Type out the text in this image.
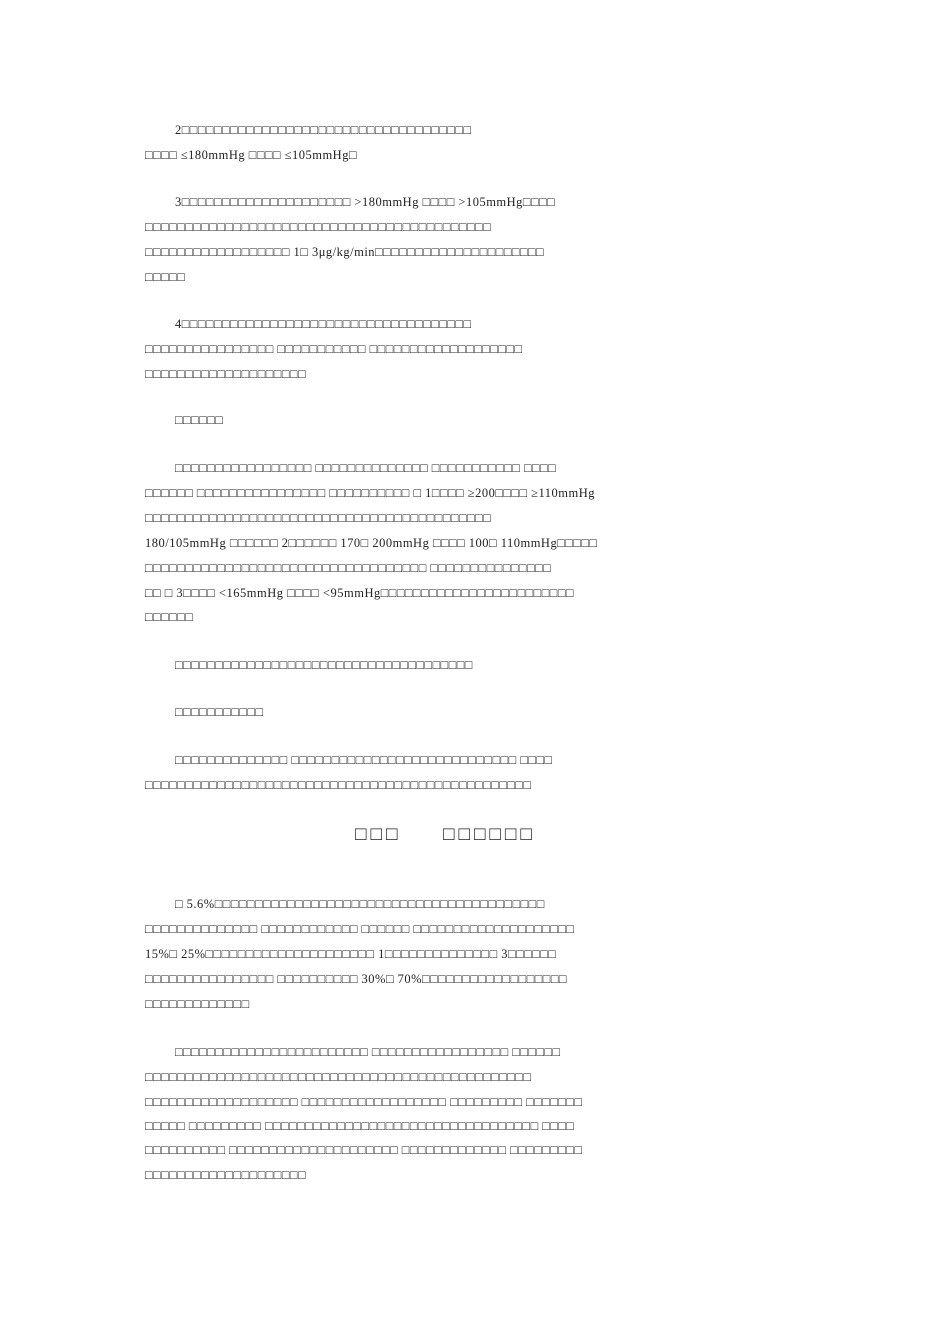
2□□□□□□□□□□□□□□□□□□□□□□□□□□□□□□□□□□□□
□□□□ ≤180mmHg □□□□ ≤105mmHg□
3□□□□□□□□□□□□□□□□□□□□□ >180mmHg □□□□ >105mmHg□□□□
□□□□□□□□□□□□□□□□□□□□□□□□□□□□□□□□□□□□□□□□□□□
□□□□□□□□□□□□□□□□□□ 1□ 3μg/kg/min□□□□□□□□□□□□□□□□□□□□□
□□□□□
4□□□□□□□□□□□□□□□□□□□□□□□□□□□□□□□□□□□□
□□□□□□□□□□□□□□□□ □□□□□□□□□□□ □□□□□□□□□□□□□□□□□□□
□□□□□□□□□□□□□□□□□□□□
□□□□□□
□□□□□□□□□□□□□□□□□ □□□□□□□□□□□□□□ □□□□□□□□□□□ □□□□
□□□□□□ □□□□□□□□□□□□□□□□ □□□□□□□□□□ □ 1□□□□ ≥200□□□□ ≥110mmHg
□□□□□□□□□□□□□□□□□□□□□□□□□□□□□□□□□□□□□□□□□□□
180/105mmHg □□□□□□ 2□□□□□□ 170□ 200mmHg □□□□ 100□ 110mmHg□□□□□
□□□□□□□□□□□□□□□□□□□□□□□□□□□□□□□□□□□ □□□□□□□□□□□□□□□
□□ □ 3□□□□ <165mmHg □□□□ <95mmHg□□□□□□□□□□□□□□□□□□□□□□□□
□□□□□□
□□□□□□□□□□□□□□□□□□□□□□□□□□□□□□□□□□□□□
□□□□□□□□□□□
□□□□□□□□□□□□□□ □□□□□□□□□□□□□□□□□□□□□□□□□□□□ □□□□
□□□□□□□□□□□□□□□□□□□□□□□□□□□□□□□□□□□□□□□□□□□□□□□□
□□□ □□□□□□
□ 5.6%□□□□□□□□□□□□□□□□□□□□□□□□□□□□□□□□□□□□□□□□□
□□□□□□□□□□□□□□ □□□□□□□□□□□□ □□□□□□ □□□□□□□□□□□□□□□□□□□□
15%□ 25%□□□□□□□□□□□□□□□□□□□□□ 1□□□□□□□□□□□□□□ 3□□□□□□
□□□□□□□□□□□□□□□□ □□□□□□□□□□ 30%□ 70%□□□□□□□□□□□□□□□□□□
□□□□□□□□□□□□□
□□□□□□□□□□□□□□□□□□□□□□□□ □□□□□□□□□□□□□□□□□ □□□□□□
□□□□□□□□□□□□□□□□□□□□□□□□□□□□□□□□□□□□□□□□□□□□□□□□
□□□□□□□□□□□□□□□□□□□ □□□□□□□□□□□□□□□□□□ □□□□□□□□□ □□□□□□□
□□□□□ □□□□□□□□□ □□□□□□□□□□□□□□□□□□□□□□□□□□□□□□□□□□ □□□□
□□□□□□□□□□ □□□□□□□□□□□□□□□□□□□□□ □□□□□□□□□□□□□ □□□□□□□□□
□□□□□□□□□□□□□□□□□□□□
